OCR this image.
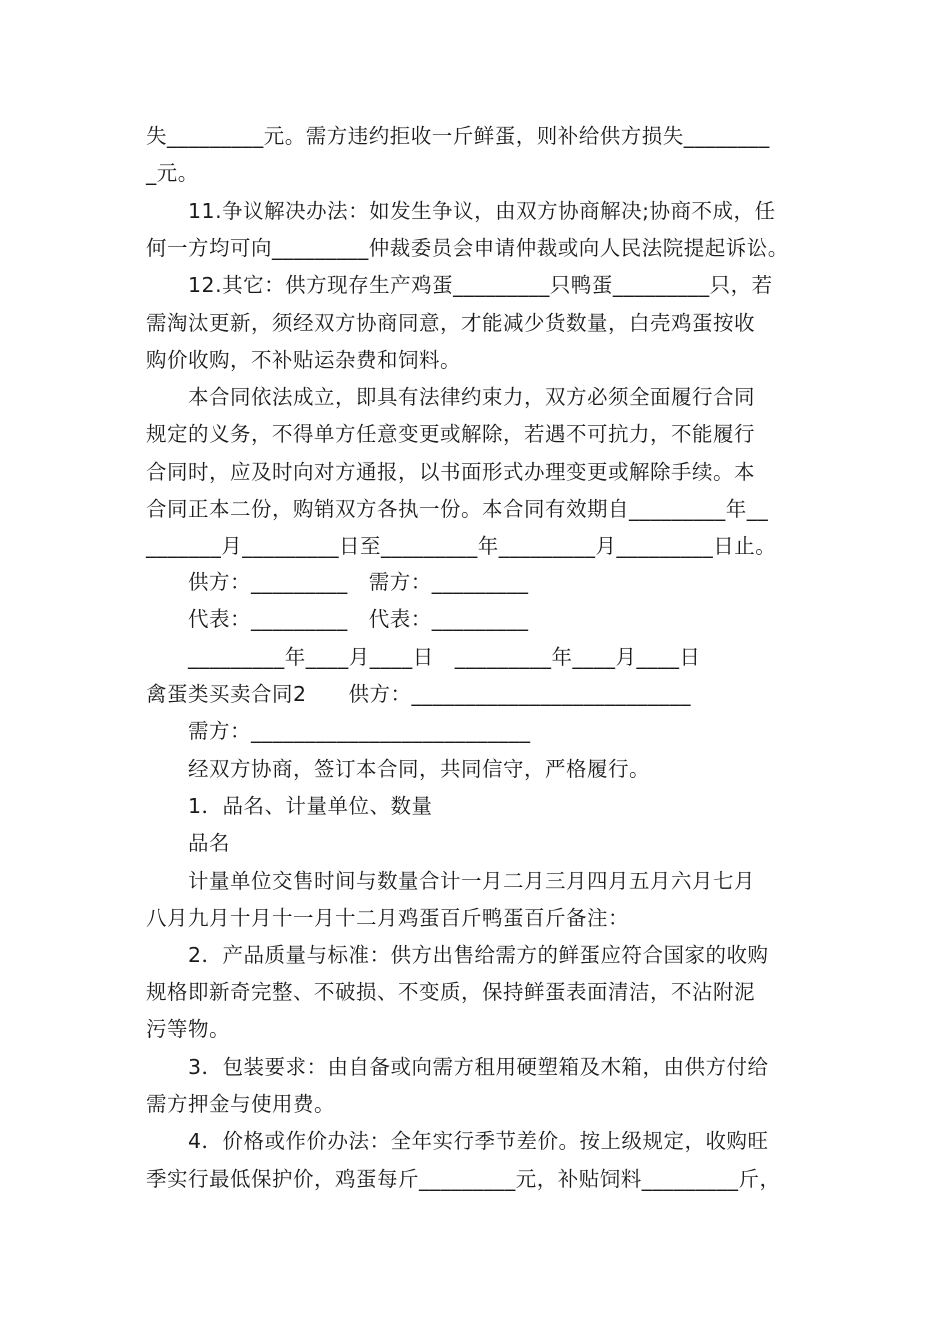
失_________元。需方违约拒收一斤鲜蛋，则补给供方损失________
_元。
11.争议解决办法：如发生争议，由双方协商解决;协商不成，任
何一方均可向_________仲裁委员会申请仲裁或向人民法院提起诉讼。
12.其它：供方现存生产鸡蛋_________只鸭蛋_________只，若
需淘汰更新，须经双方协商同意，才能减少货数量，白壳鸡蛋按收
购价收购，不补贴运杂费和饲料。
本合同依法成立，即具有法律约束力，双方必须全面履行合同
规定的义务，不得单方任意变更或解除，若遇不可抗力，不能履行
合同时，应及时向对方通报，以书面形式办理变更或解除手续。本
合同正本二份，购销双方各执一份。本合同有效期自_________年__
_______月_________日至_________年_________月_________日止。
供方：_________　需方：_________
代表：_________　代表：_________
_________年____月____日　_________年____月____日
禽蛋类买卖合同2　　供方：__________________________
需方：__________________________
经双方协商，签订本合同，共同信守，严格履行。
1．品名、计量单位、数量
品名
计量单位交售时间与数量合计一月二月三月四月五月六月七月
八月九月十月十一月十二月鸡蛋百斤鸭蛋百斤备注：
2．产品质量与标准：供方出售给需方的鲜蛋应符合国家的收购
规格即新奇完整、不破损、不变质，保持鲜蛋表面清洁，不沾附泥
污等物。
3．包装要求：由自备或向需方租用硬塑箱及木箱，由供方付给
需方押金与使用费。
4．价格或作价办法：全年实行季节差价。按上级规定，收购旺
季实行最低保护价，鸡蛋每斤_________元，补贴饲料_________斤，
